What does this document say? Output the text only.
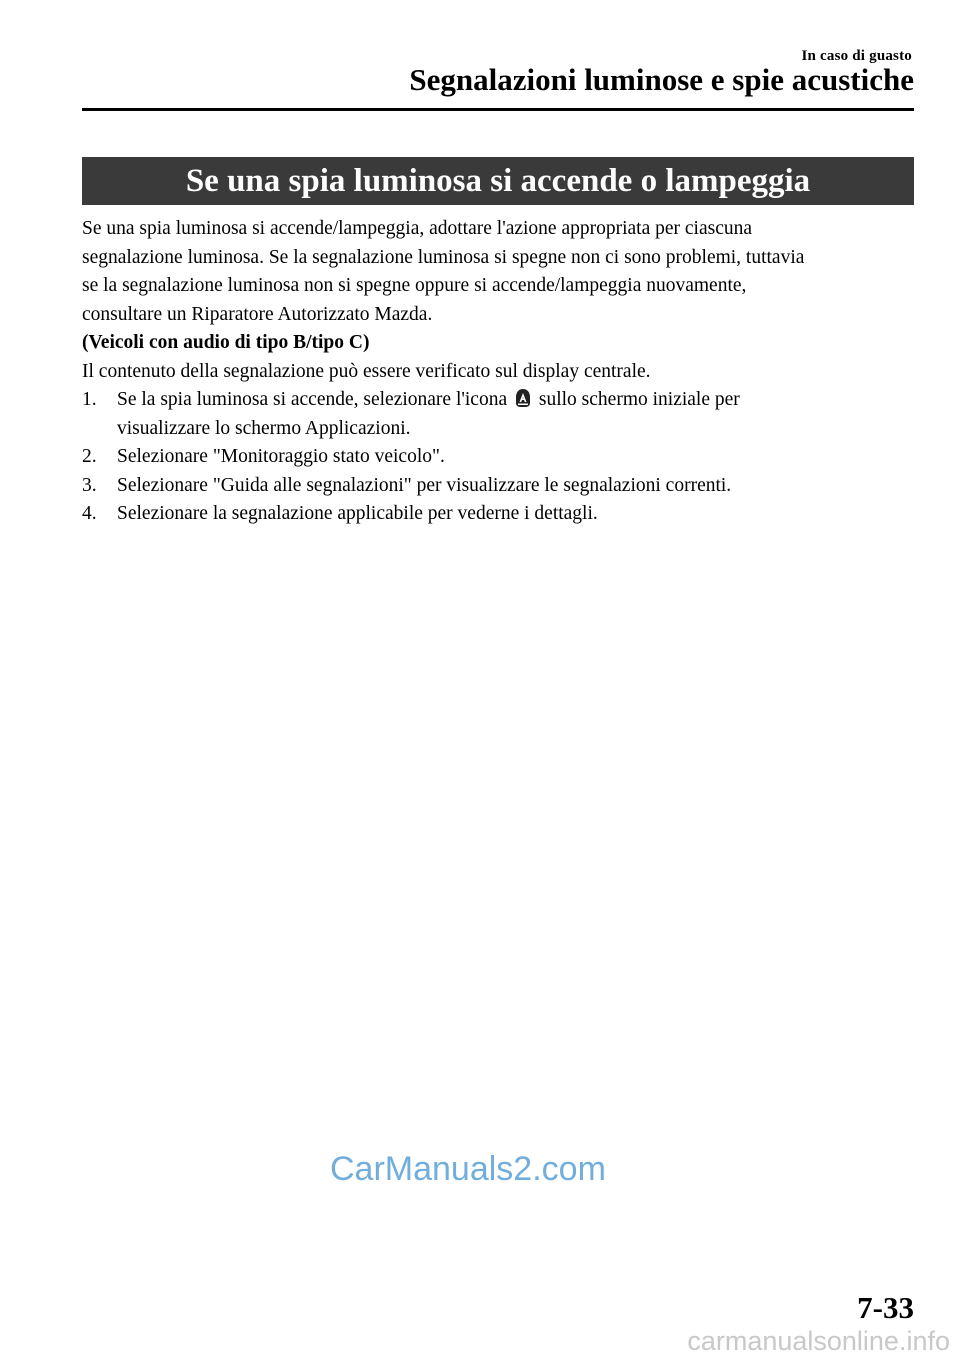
In caso di guasto
Segnalazioni luminose e spie acustiche
Se una spia luminosa si accende o lampeggia

Se una spia luminosa si accende/lampeggia, adottare l'azione appropriata per ciascuna
segnalazione luminosa. Se la segnalazione luminosa si spegne non ci sono problemi, tuttavia
se la segnalazione luminosa non si spegne oppure si accende/lampeggia nuovamente,
consultare un Riparatore Autorizzato Mazda.

(Veicoli con audio di tipo B/tipo C)

Il contenuto della segnalazione può essere verificato sul display centrale.

1. Se la spia luminosa si accende, selezionare l'icona sullo schermo iniziale per
visualizzare lo schermo Applicazioni.
2. Selezionare "Monitoraggio stato veicolo".
3. Selezionare "Guida alle segnalazioni" per visualizzare le segnalazioni correnti.
4. Selezionare la segnalazione applicabile per vederne i dettagli.
CarManuals2.com
7-33
carmanualsonline.info
